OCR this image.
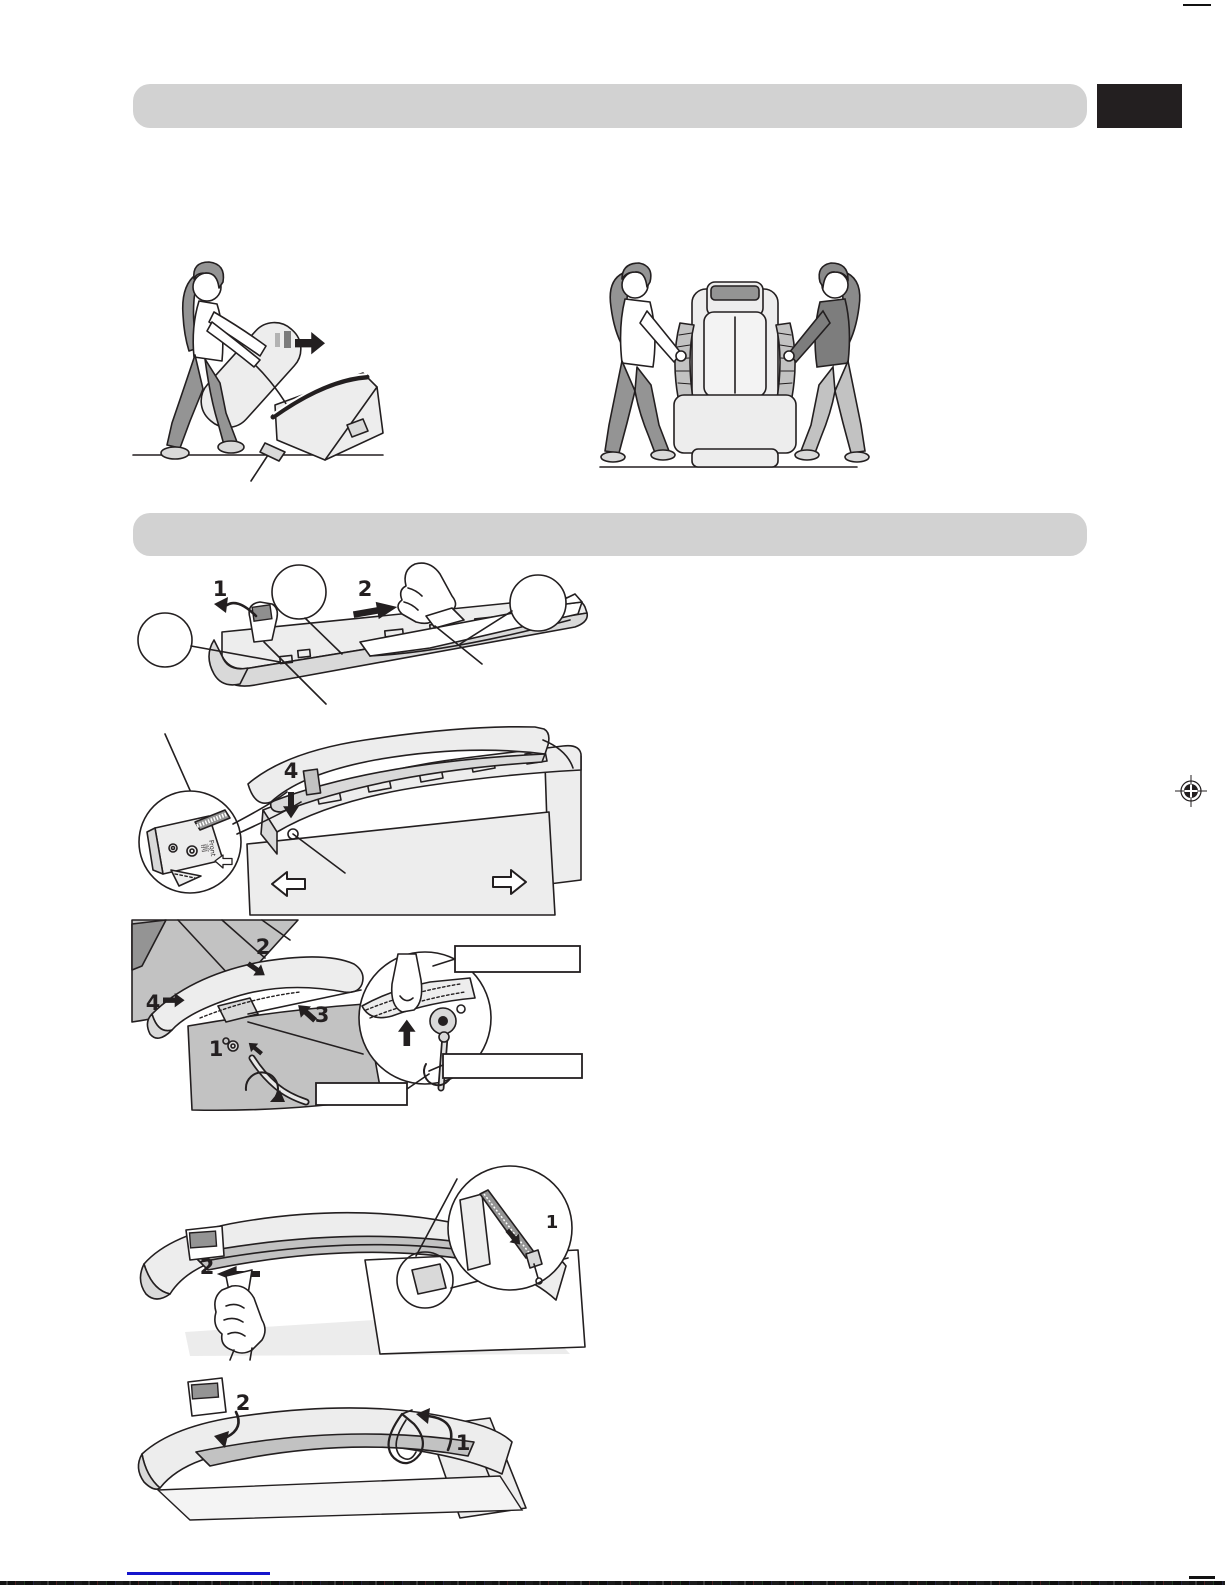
1	2
4
前
Front
2
4	3
1
2
1
2
1
